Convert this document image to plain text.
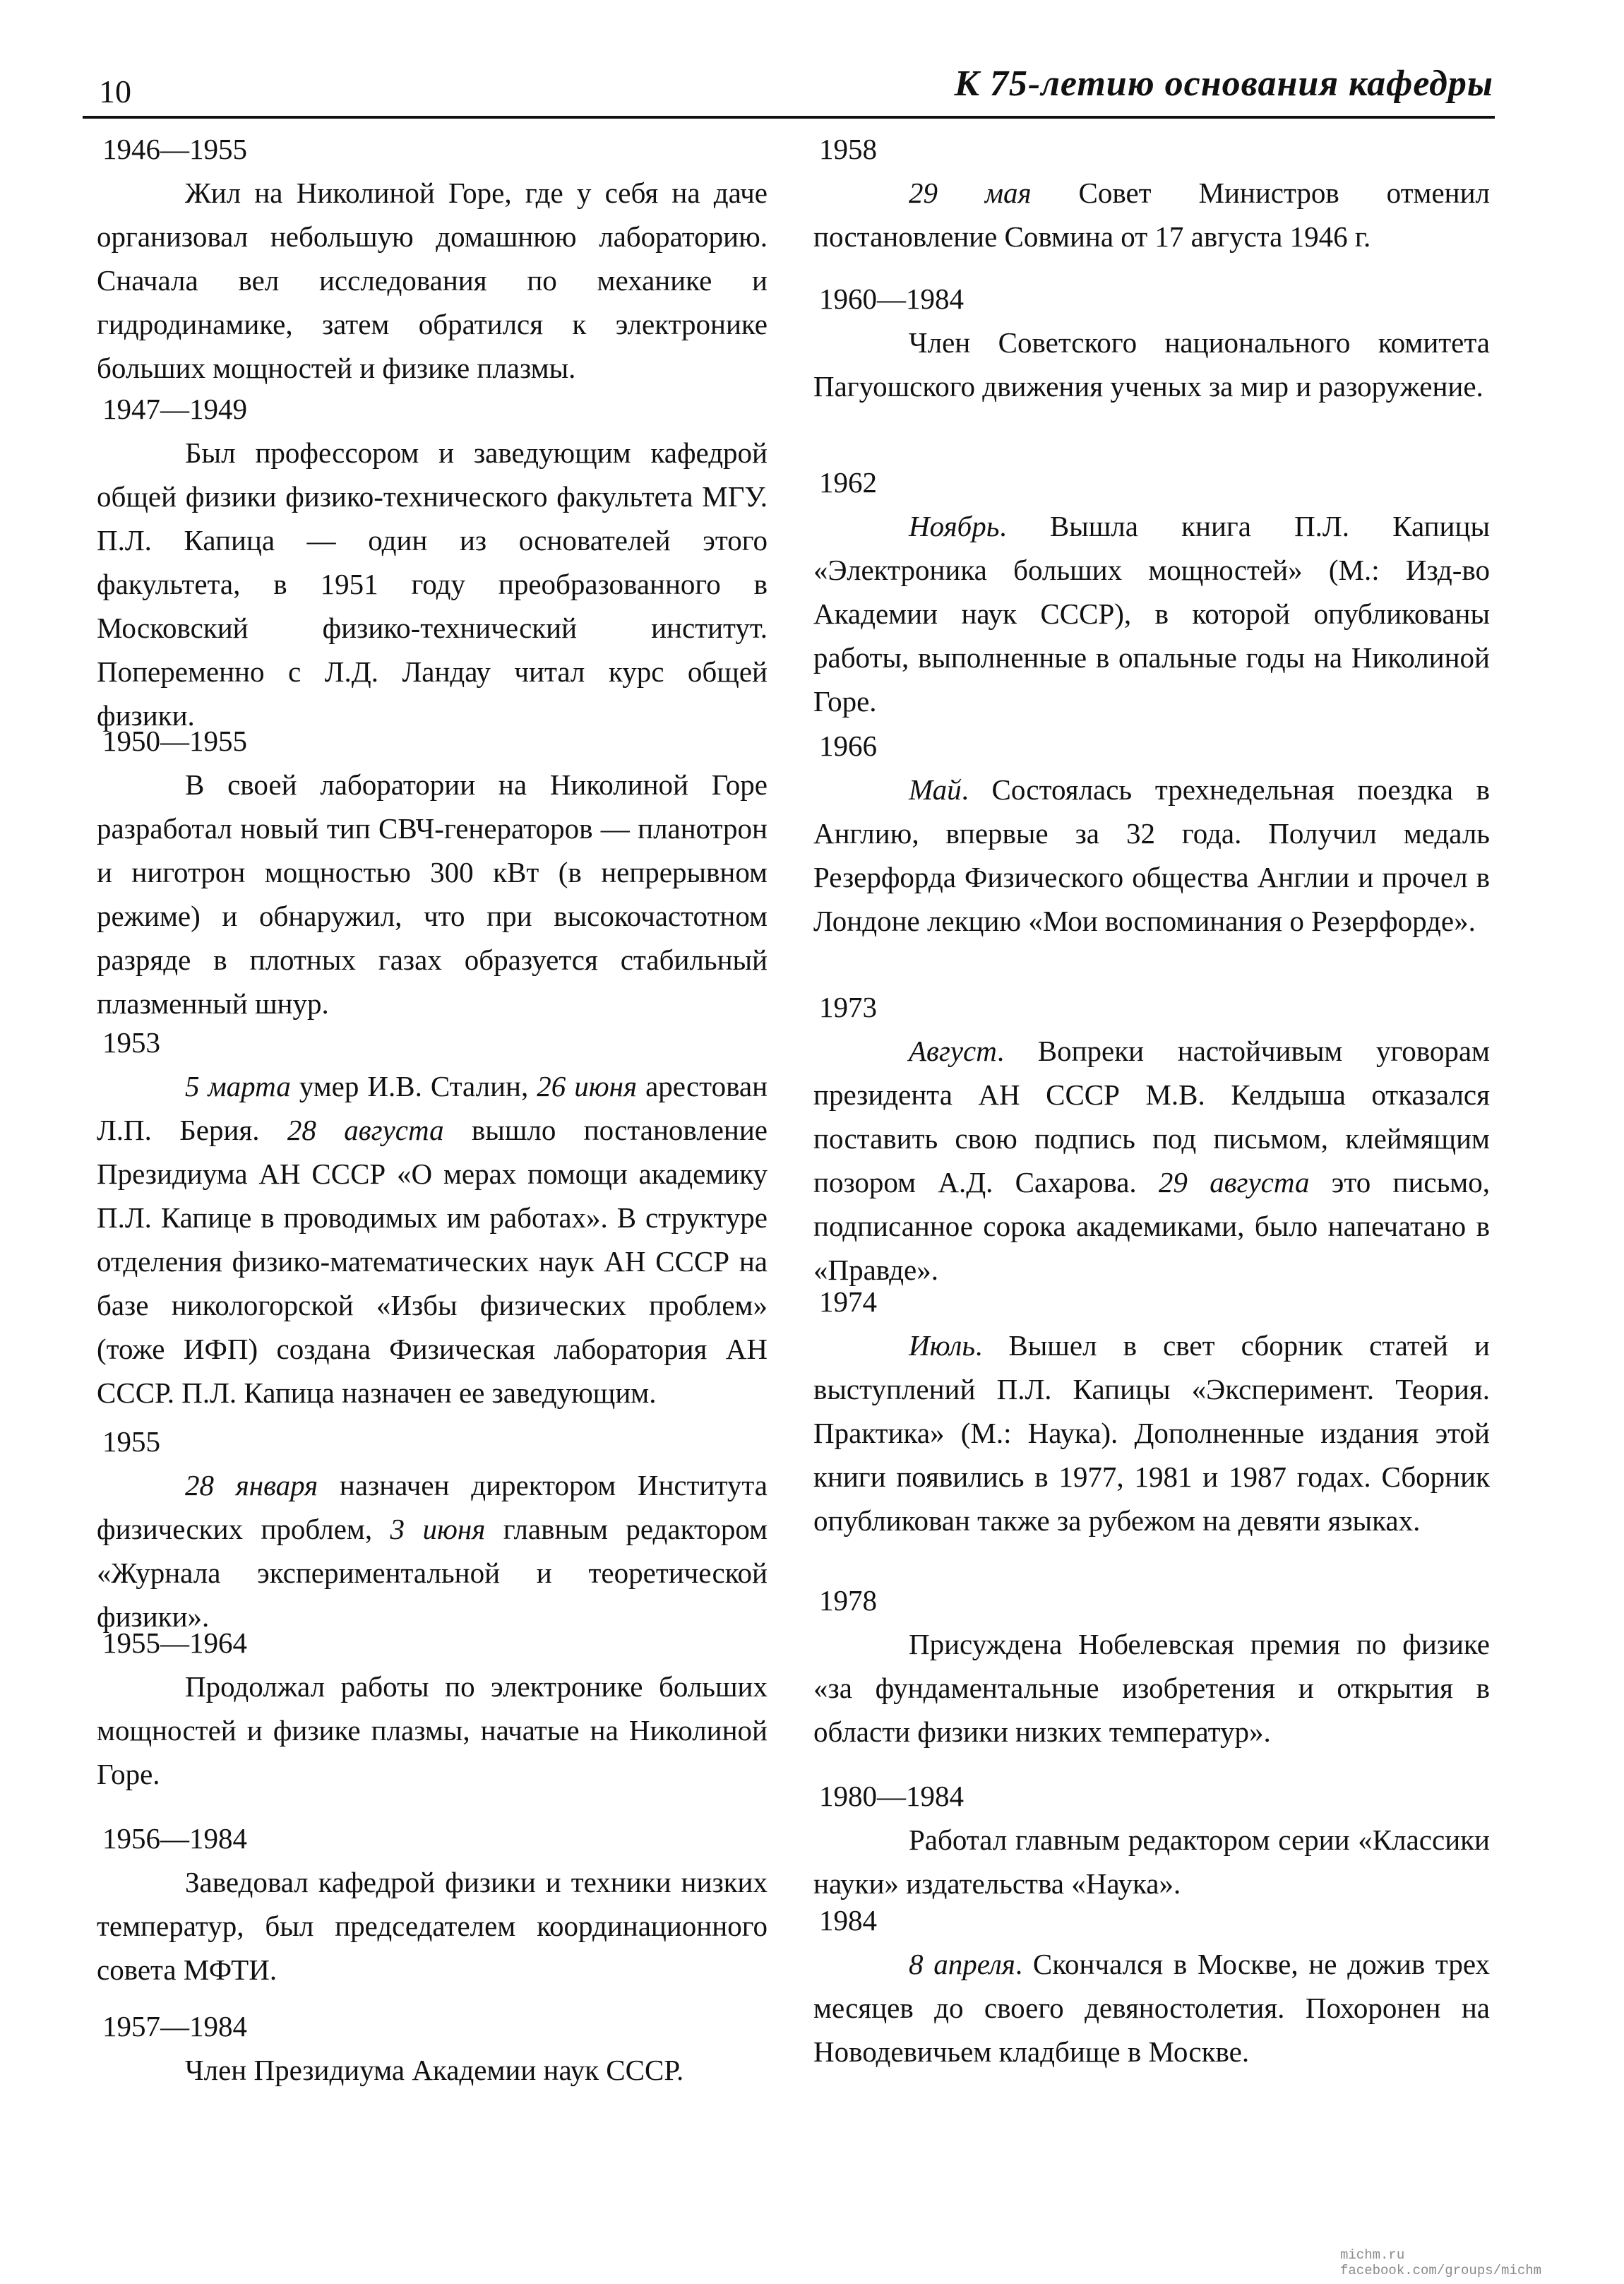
10	К 75-летию основания кафедры
1946—1955

Жил на Николиной Горе, где у себя на даче организовал небольшую домашнюю лабораторию. Сначала вел исследования по механике и гидродинамике, затем обратился к электронике больших мощностей и физике плазмы.

1947—1949

Был профессором и заведующим кафедрой общей физики физико-технического факультета МГУ. П.Л. Капица — один из основателей этого факультета, в 1951 году преобразованного в Московский физико-технический институт. Попеременно с Л.Д. Ландау читал курс общей физики.

1950—1955

В своей лаборатории на Николиной Горе разработал новый тип СВЧ-генераторов — планотрон и ниготрон мощностью 300 кВт (в непрерывном режиме) и обнаружил, что при высокочастотном разряде в плотных газах образуется стабильный плазменный шнур.

1953

5 марта умер И.В. Сталин, 26 июня арестован Л.П. Берия. 28 августа вышло постановление Президиума АН СССР «О мерах помощи академику П.Л. Капице в проводимых им работах». В структуре отделения физико-математических наук АН СССР на базе никологорской «Избы физических проблем» (тоже ИФП) создана Физическая лаборатория АН СССР. П.Л. Капица назначен ее заведующим.

1955

28 января назначен директором Института физических проблем, 3 июня главным редактором «Журнала экспериментальной и теоретической физики».

1955—1964

Продолжал работы по электронике больших мощностей и физике плазмы, начатые на Николиной Горе.

1956—1984

Заведовал кафедрой физики и техники низких температур, был председателем координационного совета МФТИ.

1957—1984

Член Президиума Академии наук СССР.

1958

29 мая Совет Министров отменил постановление Совмина от 17 августа 1946 г.

1960—1984

Член Советского национального комитета Пагуошского движения ученых за мир и разоружение.

1962

Ноябрь. Вышла книга П.Л. Капицы «Электроника больших мощностей» (М.: Изд-во Академии наук СССР), в которой опубликованы работы, выполненные в опальные годы на Николиной Горе.

1966

Май. Состоялась трехнедельная поездка в Англию, впервые за 32 года. Получил медаль Резерфорда Физического общества Англии и прочел в Лондоне лекцию «Мои воспоминания о Резерфорде».

1973

Август. Вопреки настойчивым уговорам президента АН СССР М.В. Келдыша отказался поставить свою подпись под письмом, клеймящим позором А.Д. Сахарова. 29 августа это письмо, подписанное сорока академиками, было напечатано в «Правде».

1974

Июль. Вышел в свет сборник статей и выступлений П.Л. Капицы «Эксперимент. Теория. Практика» (М.: Наука). Дополненные издания этой книги появились в 1977, 1981 и 1987 годах. Сборник опубликован также за рубежом на девяти языках.

1978

Присуждена Нобелевская премия по физике «за фундаментальные изобретения и открытия в области физики низких температур».

1980—1984

Работал главным редактором серии «Классики науки» издательства «Наука».

1984

8 апреля. Скончался в Москве, не дожив трех месяцев до своего девяностолетия. Похоронен на Новодевичьем кладбище в Москве.

michm.ru
facebook.com/groups/michm
